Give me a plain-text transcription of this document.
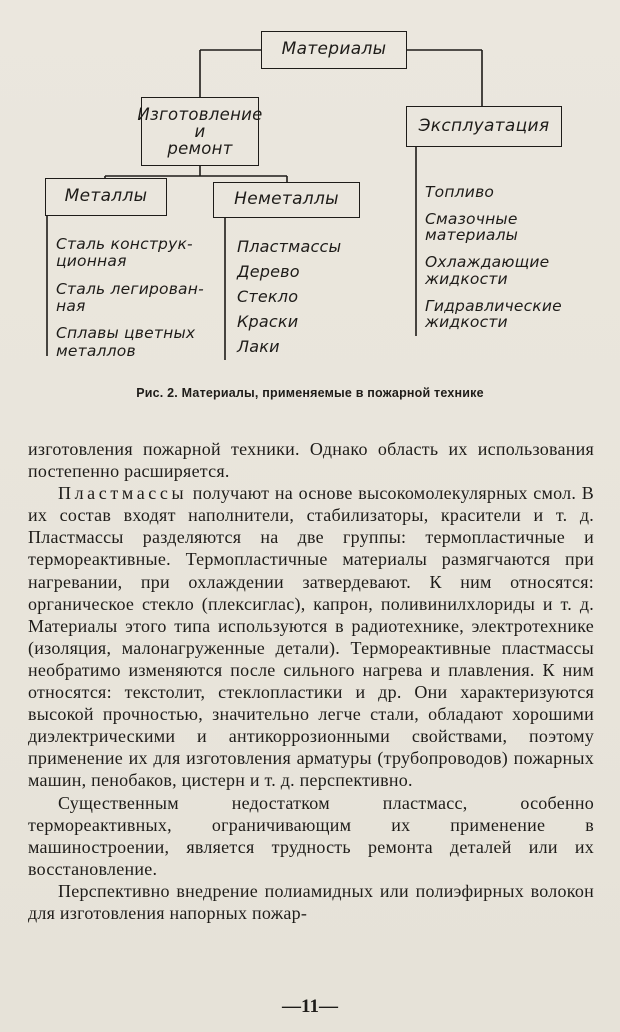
Материалы
Изготовление
и
ремонт
Эксплуатация
Металлы	Неметаллы
Сталь конструк-
ционная
Сталь легирован-
ная
Сплавы цветных
металлов
Пластмассы
Дерево
Стекло
Краски
Лаки
Топливо
Смазочные
материалы
Охлаждающие
жидкости
Гидравлические
жидкости
Рис. 2. Материалы, применяемые в пожарной технике

изготовления пожарной техники. Однако область их использования постепенно расширяется.

Пластмассы получают на основе высокомолекулярных смол. В их состав входят наполнители, стабилизаторы, красители и т. д. Пластмассы разделяются на две группы: термопластичные и термореактивные. Термопластичные материалы размягчаются при нагревании, при охлаждении затвердевают. К ним относятся: органическое стекло (плексиглас), капрон, поливинилхлориды и т. д. Материалы этого типа используются в радиотехнике, электротехнике (изоляция, малонагруженные детали). Термореактивные пластмассы необратимо изменяются после сильного нагрева и плавления. К ним относятся: текстолит, стеклопластики и др. Они характеризуются высокой прочностью, значительно легче стали, обладают хорошими диэлектрическими и антикоррозионными свойствами, поэтому применение их для изготовления арматуры (трубопроводов) пожарных машин, пенобаков, цистерн и т. д. перспективно.

Существенным недостатком пластмасс, особенно термореактивных, ограничивающим их применение в машиностроении, является трудность ремонта деталей или их восстановление.

Перспективно внедрение полиамидных или полиэфирных волокон для изготовления напорных пожар-

—11—
